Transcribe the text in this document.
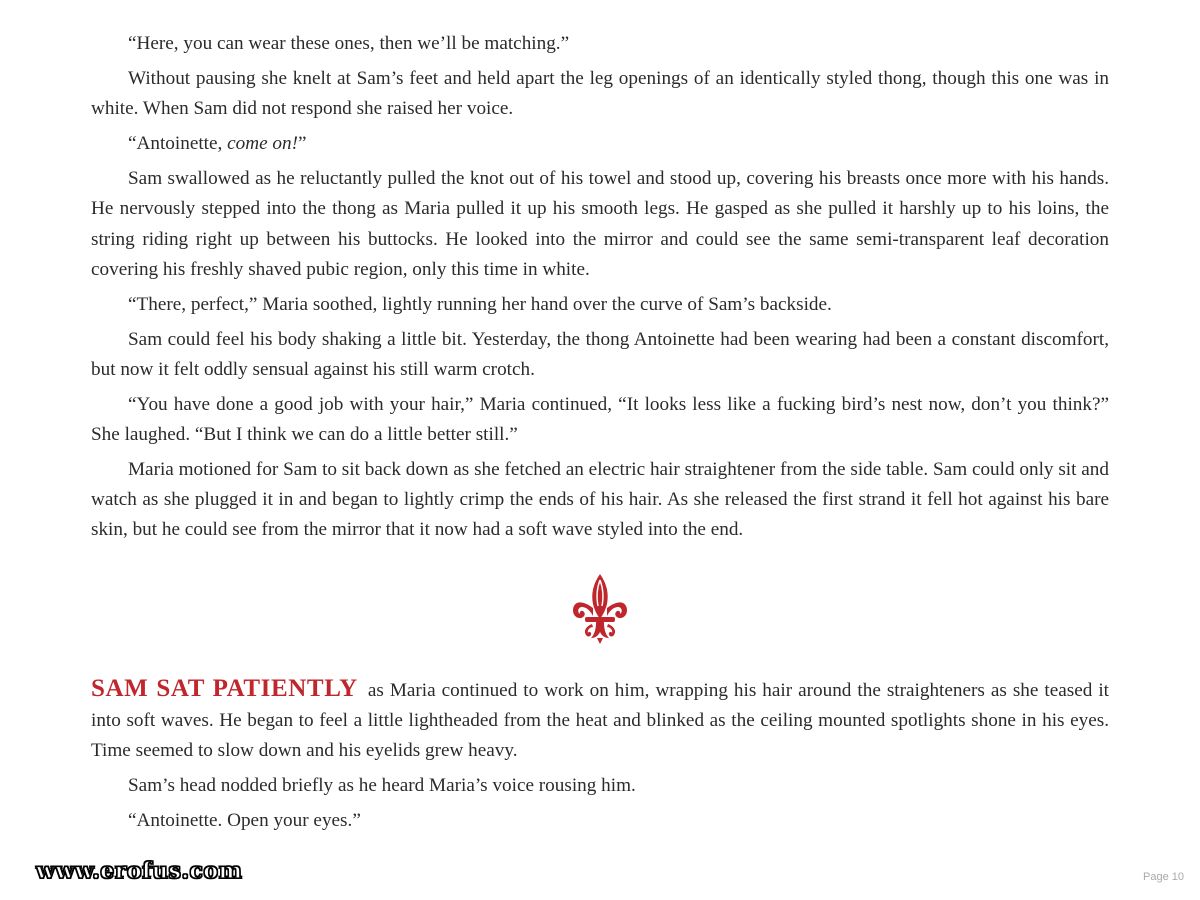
“Here, you can wear these ones, then we’ll be matching.”

Without pausing she knelt at Sam’s feet and held apart the leg openings of an identically styled thong, though this one was in white. When Sam did not respond she raised her voice.

“Antoinette, come on!”

Sam swallowed as he reluctantly pulled the knot out of his towel and stood up, covering his breasts once more with his hands. He nervously stepped into the thong as Maria pulled it up his smooth legs. He gasped as she pulled it harshly up to his loins, the string riding right up between his buttocks. He looked into the mirror and could see the same semi-transparent leaf decoration covering his freshly shaved pubic region, only this time in white.

“There, perfect,” Maria soothed, lightly running her hand over the curve of Sam’s backside.

Sam could feel his body shaking a little bit. Yesterday, the thong Antoinette had been wearing had been a constant discomfort, but now it felt oddly sensual against his still warm crotch.

“You have done a good job with your hair,” Maria continued, “It looks less like a fucking bird’s nest now, don’t you think?” She laughed. “But I think we can do a little better still.”

Maria motioned for Sam to sit back down as she fetched an electric hair straightener from the side table. Sam could only sit and watch as she plugged it in and began to lightly crimp the ends of his hair. As she released the first strand it fell hot against his bare skin, but he could see from the mirror that it now had a soft wave styled into the end.

SAM SAT PATIENTLY as Maria continued to work on him, wrapping his hair around the straighteners as she teased it into soft waves. He began to feel a little lightheaded from the heat and blinked as the ceiling mounted spotlights shone in his eyes. Time seemed to slow down and his eyelids grew heavy.

Sam’s head nodded briefly as he heard Maria’s voice rousing him.

“Antoinette. Open your eyes.”

www.erofus.com	Page 10
